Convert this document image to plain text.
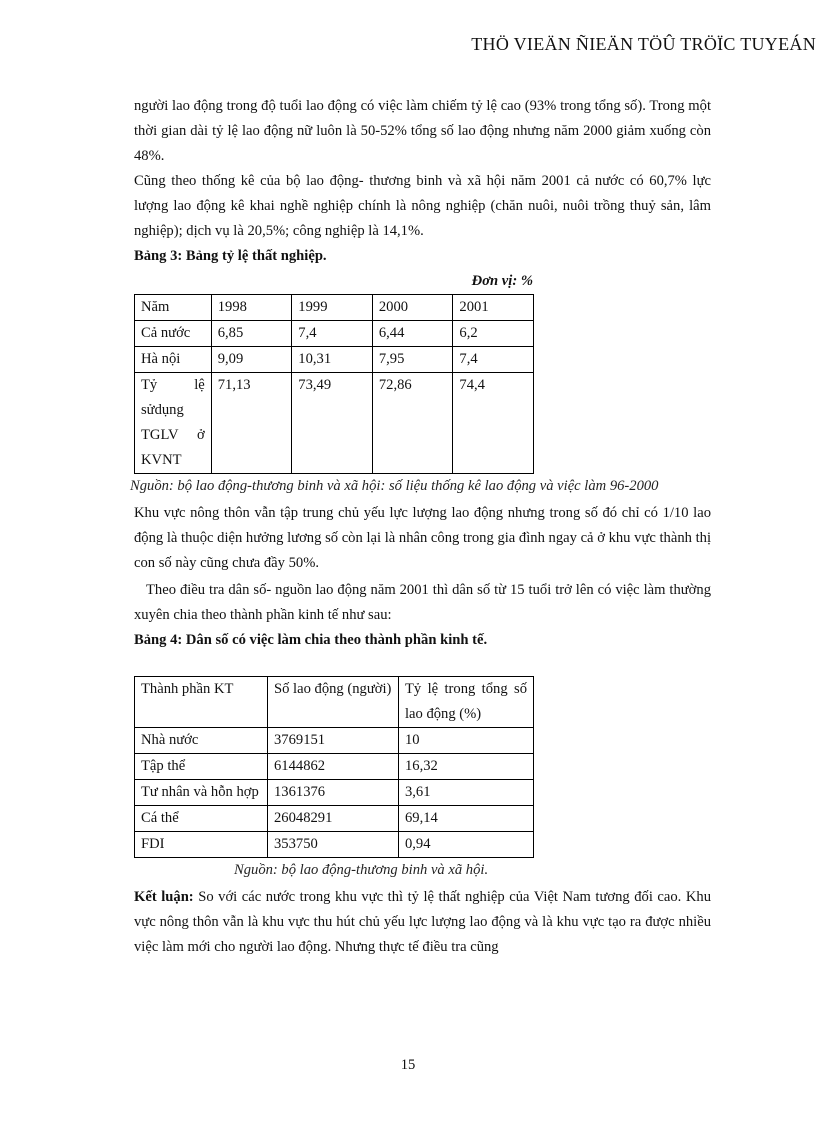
THÖ VIEÄN ÑIEÄN TÖÛ TRÖÏC TUYEÁN

người lao động trong độ tuổi lao động có việc làm chiếm tỷ lệ cao (93% trong tổng số). Trong một thời gian dài tỷ lệ lao động nữ luôn là 50-52% tổng số lao động nhưng năm 2000 giảm xuống còn 48%.

Cũng theo thống kê của bộ lao động- thương binh và xã hội năm 2001 cả nước có 60,7% lực lượng lao động kê khai nghề nghiệp chính là nông nghiệp (chăn nuôi, nuôi trồng thuỷ sản, lâm nghiệp); dịch vụ là 20,5%; công nghiệp là 14,1%.

Bảng 3: Bảng tỷ lệ thất nghiệp.

Đơn vị: %

Năm	1998	1999	2000	2001
Cả nước	6,85	7,4	6,44	6,2
Hà nội	9,09	10,31	7,95	7,4
Tỷ lệ sửdụng TGLV ở KVNT	71,13	73,49	72,86	74,4

Nguồn: bộ lao động-thương binh và xã hội: số liệu thống kê lao động và việc làm 96-2000

Khu vực nông thôn vẫn tập trung chủ yếu lực lượng lao động nhưng trong số đó chỉ có 1/10 lao động là thuộc diện hưởng lương số còn lại là nhân công trong gia đình ngay cả ở khu vực thành thị con số này cũng chưa đầy 50%.

Theo điều tra dân số- nguồn lao động năm 2001 thì dân số từ 15 tuổi trở lên có việc làm thường xuyên chia theo thành phần kinh tế như sau:

Bảng 4: Dân số có việc làm chia theo thành phần kinh tế.

Thành phần KT	Số lao động (người)	Tỷ lệ trong tổng số lao động (%)
Nhà nước	3769151	10
Tập thể	6144862	16,32
Tư nhân và hỗn hợp	1361376	3,61
Cá thể	26048291	69,14
FDI	353750	0,94

Nguồn: bộ lao động-thương binh và xã hội.

Kết luận: So với các nước trong khu vực thì tỷ lệ thất nghiệp của Việt Nam tương đối cao. Khu vực nông thôn vẫn là khu vực thu hút chủ yếu lực lượng lao động và là khu vực tạo ra được nhiều việc làm mới cho người lao động. Nhưng thực tế điều tra cũng

15
